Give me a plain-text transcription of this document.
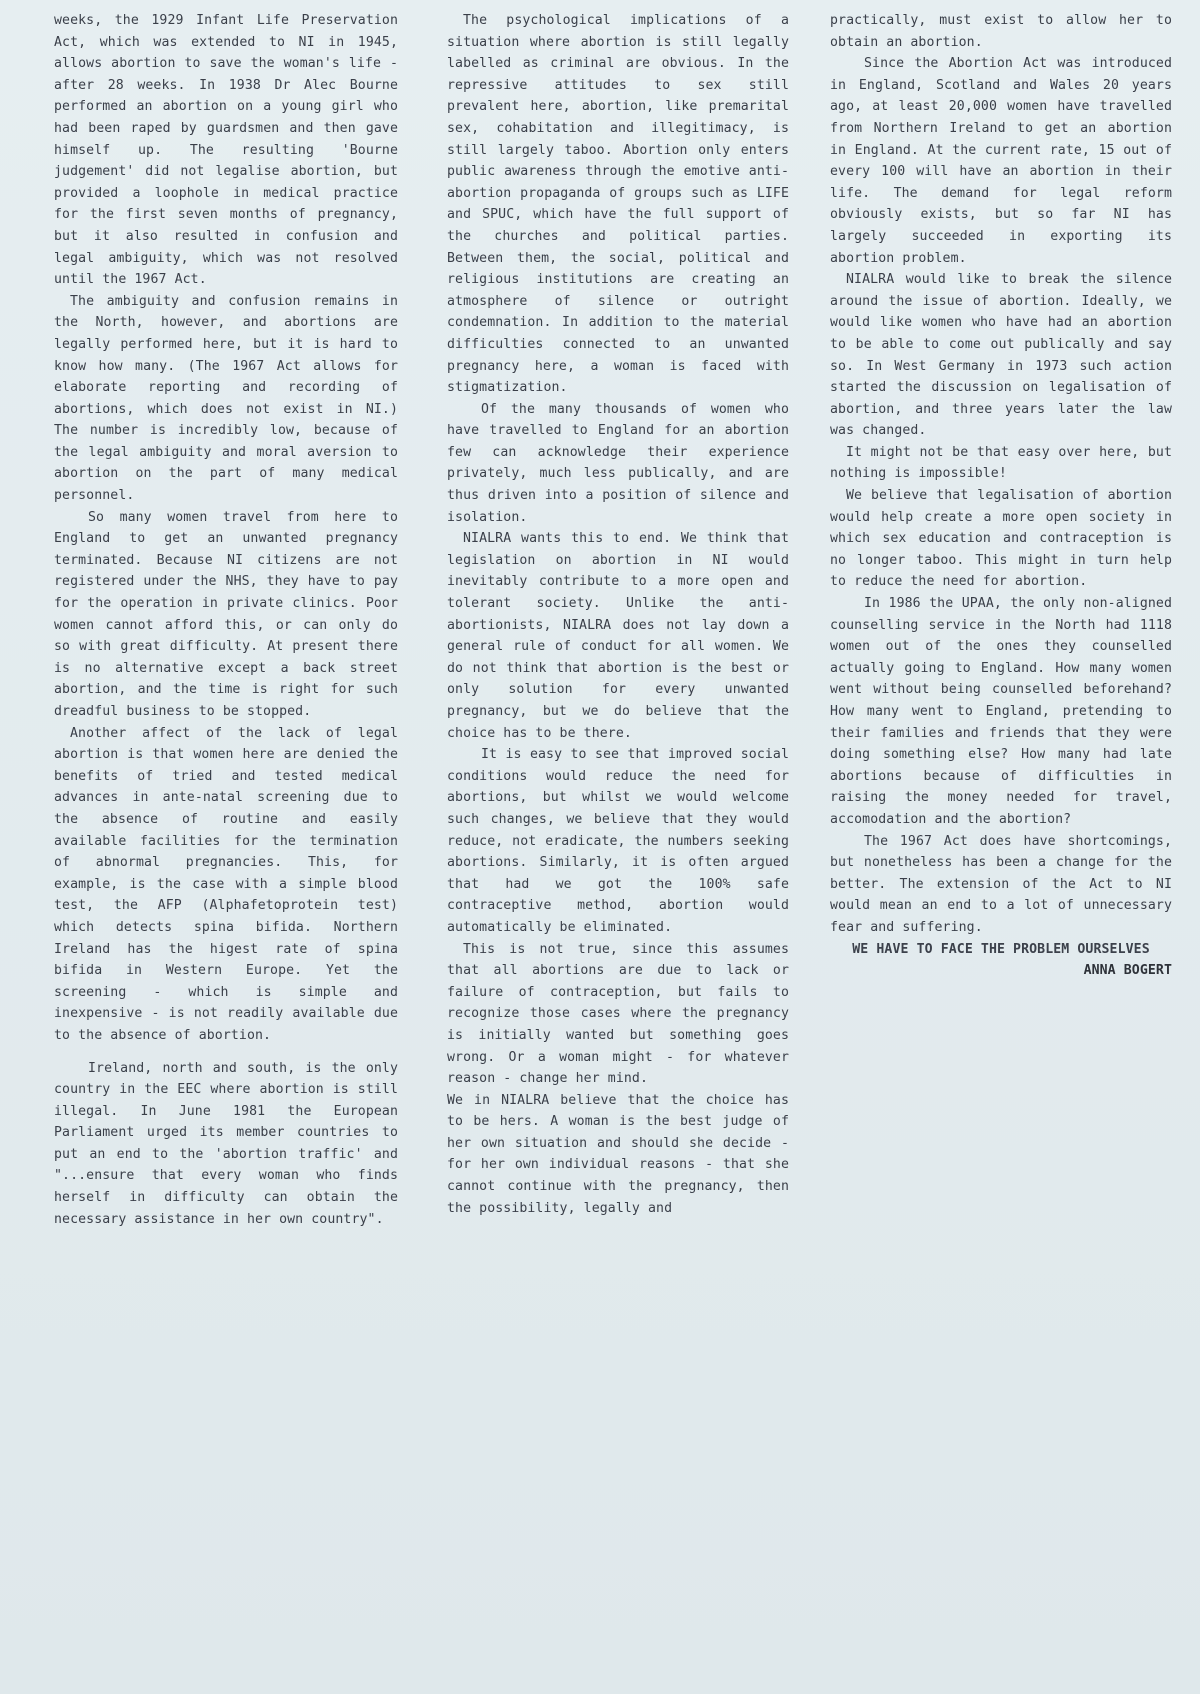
weeks, the 1929 Infant Life Preservation Act, which was extended to NI in 1945, allows abortion to save the woman's life - after 28 weeks. In 1938 Dr Alec Bourne performed an abortion on a young girl who had been raped by guardsmen and then gave himself up. The resulting 'Bourne judgement' did not legalise abortion, but provided a loophole in medical practice for the first seven months of pregnancy, but it also resulted in confusion and legal ambiguity, which was not resolved until the 1967 Act.

The ambiguity and confusion remains in the North, however, and abortions are legally performed here, but it is hard to know how many. (The 1967 Act allows for elaborate reporting and recording of abortions, which does not exist in NI.) The number is incredibly low, because of the legal ambiguity and moral aversion to abortion on the part of many medical personnel.

So many women travel from here to England to get an unwanted pregnancy terminated. Because NI citizens are not registered under the NHS, they have to pay for the operation in private clinics. Poor women cannot afford this, or can only do so with great difficulty. At present there is no alternative except a back street abortion, and the time is right for such dreadful business to be stopped.

Another affect of the lack of legal abortion is that women here are denied the benefits of tried and tested medical advances in ante-natal screening due to the absence of routine and easily available facilities for the termination of abnormal pregnancies. This, for example, is the case with a simple blood test, the AFP (Alphafetoprotein test) which detects spina bifida. Northern Ireland has the higest rate of spina bifida in Western Europe. Yet the screening - which is simple and inexpensive - is not readily available due to the absence of abortion.

Ireland, north and south, is the only country in the EEC where abortion is still illegal. In June 1981 the European Parliament urged its member countries to put an end to the 'abortion traffic' and "...ensure that every woman who finds herself in difficulty can obtain the necessary assistance in her own country".

The psychological implications of a situation where abortion is still legally labelled as criminal are obvious. In the repressive attitudes to sex still prevalent here, abortion, like premarital sex, cohabitation and illegitimacy, is still largely taboo. Abortion only enters public awareness through the emotive anti-abortion propaganda of groups such as LIFE and SPUC, which have the full support of the churches and political parties. Between them, the social, political and religious institutions are creating an atmosphere of silence or outright condemnation. In addition to the material difficulties connected to an unwanted pregnancy here, a woman is faced with stigmatization.

Of the many thousands of women who have travelled to England for an abortion few can acknowledge their experience privately, much less publically, and are thus driven into a position of silence and isolation.

NIALRA wants this to end. We think that legislation on abortion in NI would inevitably contribute to a more open and tolerant society. Unlike the anti-abortionists, NIALRA does not lay down a general rule of conduct for all women. We do not think that abortion is the best or only solution for every unwanted pregnancy, but we do believe that the choice has to be there.

It is easy to see that improved social conditions would reduce the need for abortions, but whilst we would welcome such changes, we believe that they would reduce, not eradicate, the numbers seeking abortions. Similarly, it is often argued that had we got the 100% safe contraceptive method, abortion would automatically be eliminated.

This is not true, since this assumes that all abortions are due to lack or failure of contraception, but fails to recognize those cases where the pregnancy is initially wanted but something goes wrong. Or a woman might - for whatever reason - change her mind.

We in NIALRA believe that the choice has to be hers. A woman is the best judge of her own situation and should she decide - for her own individual reasons - that she cannot continue with the pregnancy, then the possibility, legally and

practically, must exist to allow her to obtain an abortion.

Since the Abortion Act was introduced in England, Scotland and Wales 20 years ago, at least 20,000 women have travelled from Northern Ireland to get an abortion in England. At the current rate, 15 out of every 100 will have an abortion in their life. The demand for legal reform obviously exists, but so far NI has largely succeeded in exporting its abortion problem.

NIALRA would like to break the silence around the issue of abortion. Ideally, we would like women who have had an abortion to be able to come out publically and say so. In West Germany in 1973 such action started the discussion on legalisation of abortion, and three years later the law was changed.

It might not be that easy over here, but nothing is impossible!

We believe that legalisation of abortion would help create a more open society in which sex education and contraception is no longer taboo. This might in turn help to reduce the need for abortion.

In 1986 the UPAA, the only non-aligned counselling service in the North had 1118 women out of the ones they counselled actually going to England. How many women went without being counselled beforehand? How many went to England, pretending to their families and friends that they were doing something else? How many had late abortions because of difficulties in raising the money needed for travel, accomodation and the abortion?

The 1967 Act does have shortcomings, but nonetheless has been a change for the better. The extension of the Act to NI would mean an end to a lot of unnecessary fear and suffering.

WE HAVE TO FACE THE PROBLEM OURSELVES

ANNA BOGERT
